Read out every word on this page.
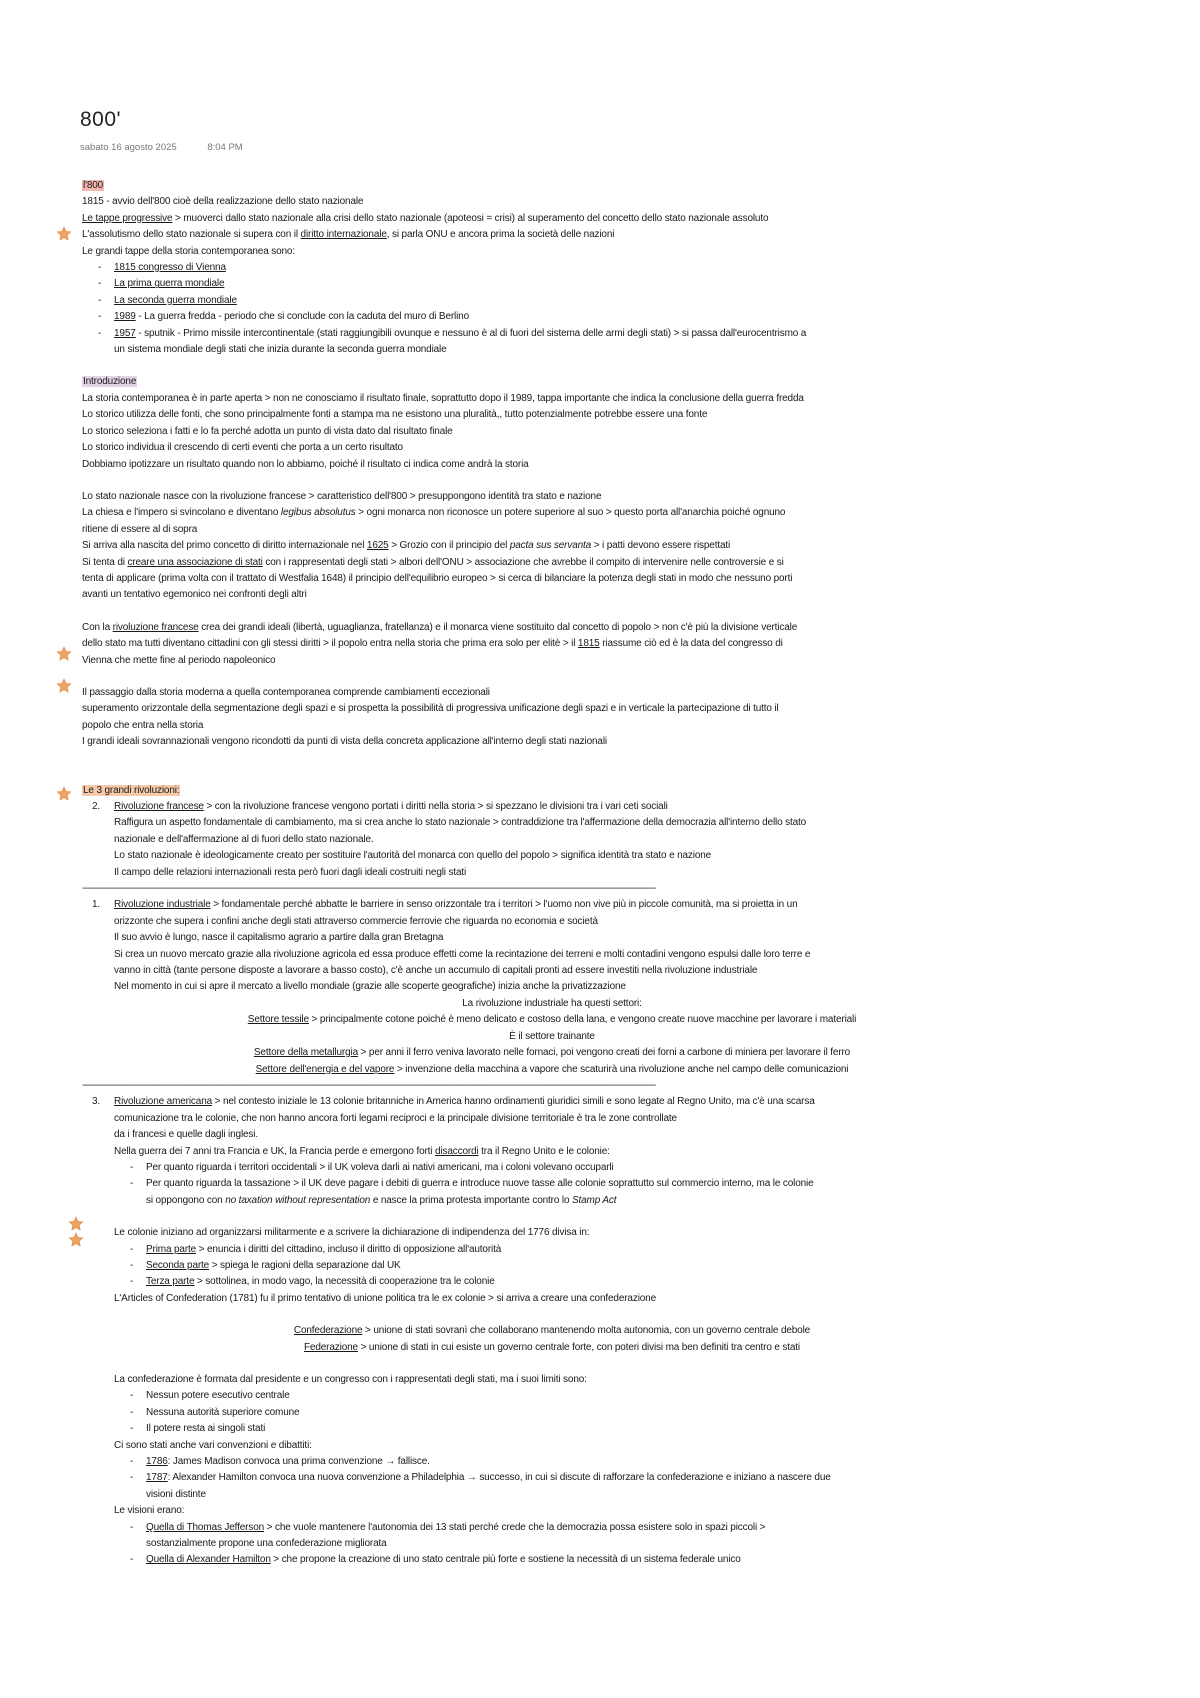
800'
sabato 16 agosto 2025	8:04 PM

l'800

1815 - avvio dell'800 cioè della realizzazione dello stato nazionale

Le tappe progressive > muoverci dallo stato nazionale alla crisi dello stato nazionale (apoteosi = crisi) al superamento del concetto dello stato nazionale assoluto

L'assolutismo dello stato nazionale si supera con il diritto internazionale, si parla ONU e ancora prima la società delle nazioni

Le grandi tappe della storia contemporanea sono:

- 1815 congresso di Vienna
- La prima guerra mondiale
- La seconda guerra mondiale
- 1989 - La guerra fredda - periodo che si conclude con la caduta del muro di Berlino
- 1957 - sputnik - Primo missile intercontinentale (stati raggiungibili ovunque e nessuno è al di fuori del sistema delle armi degli stati) > si passa dall'eurocentrismo a

un sistema mondiale degli stati che inizia durante la seconda guerra mondiale

Introduzione

La storia contemporanea è in parte aperta > non ne conosciamo il risultato finale, soprattutto dopo il 1989, tappa importante che indica la conclusione della guerra fredda

Lo storico utilizza delle fonti, che sono principalmente fonti a stampa ma ne esistono una pluralità,, tutto potenzialmente potrebbe essere una fonte

Lo storico seleziona i fatti e lo fa perché adotta un punto di vista dato dal risultato finale

Lo storico individua il crescendo di certi eventi che porta a un certo risultato

Dobbiamo ipotizzare un risultato quando non lo abbiamo, poiché il risultato ci indica come andrà la storia

Lo stato nazionale nasce con la rivoluzione francese > caratteristico dell'800 > presuppongono identità tra stato e nazione

La chiesa e l'impero si svincolano e diventano legibus absolutus > ogni monarca non riconosce un potere superiore al suo > questo porta all'anarchia poiché ognuno

ritiene di essere al di sopra

Si arriva alla nascita del primo concetto di diritto internazionale nel 1625 > Grozio con il principio del pacta sus servanta > i patti devono essere rispettati

Si tenta di creare una associazione di stati con i rappresentati degli stati > albori dell'ONU > associazione che avrebbe il compito di intervenire nelle controversie e si

tenta di applicare (prima volta con il trattato di Westfalia 1648) il principio dell'equilibrio europeo > si cerca di bilanciare la potenza degli stati in modo che nessuno porti

avanti un tentativo egemonico nei confronti degli altri

Con la rivoluzione francese crea dei grandi ideali (libertà, uguaglianza, fratellanza) e il monarca viene sostituito dal concetto di popolo > non c'è più la divisione verticale

dello stato ma tutti diventano cittadini con gli stessi diritti > il popolo entra nella storia che prima era solo per elitè > il 1815 riassume ciò ed è la data del congresso di

Vienna che mette fine al periodo napoleonico

Il passaggio dalla storia moderna a quella contemporanea comprende cambiamenti eccezionali

superamento orizzontale della segmentazione degli spazi e si prospetta la possibilità di progressiva unificazione degli spazi e in verticale la partecipazione di tutto il

popolo che entra nella storia

I grandi ideali sovrannazionali vengono ricondotti da punti di vista della concreta applicazione all'interno degli stati nazionali

Le 3 grandi rivoluzioni:

2. Rivoluzione francese > con la rivoluzione francese vengono portati i diritti nella storia > si spezzano le divisioni tra i vari ceti sociali

Raffigura un aspetto fondamentale di cambiamento, ma si crea anche lo stato nazionale > contraddizione tra l'affermazione della democrazia all'interno dello stato

nazionale e dell'affermazione al di fuori dello stato nazionale.

Lo stato nazionale è ideologicamente creato per sostituire l'autorità del monarca con quello del popolo > significa identità tra stato e nazione

Il campo delle relazioni internazionali resta però fuori dagli ideali costruiti negli stati

------------------------------------------------------------------------------------------------------------------------------------------------------------------------------------------------------------------------------------------------------

1. Rivoluzione industriale > fondamentale perché abbatte le barriere in senso orizzontale tra i territori > l'uomo non vive più in piccole comunità, ma si proietta in un

orizzonte che supera i confini anche degli stati attraverso commercie ferrovie che riguarda no economia e società

Il suo avvio è lungo, nasce il capitalismo agrario a partire dalla gran Bretagna

Si crea un nuovo mercato grazie alla rivoluzione agricola ed essa produce effetti come la recintazione dei terreni e molti contadini vengono espulsi dalle loro terre e

vanno in città (tante persone disposte a lavorare a basso costo), c'è anche un accumulo di capitali pronti ad essere investiti nella rivoluzione industriale

Nel momento in cui si apre il mercato a livello mondiale (grazie alle scoperte geografiche) inizia anche la privatizzazione

La rivoluzione industriale ha questi settori:

Settore tessile > principalmente cotone poiché è meno delicato e costoso della lana, e vengono create nuove macchine per lavorare i materiali

È il settore trainante

Settore della metallurgia > per anni il ferro veniva lavorato nelle fornaci, poi vengono creati dei forni a carbone di miniera per lavorare il ferro

Settore dell'energia e del vapore > invenzione della macchina a vapore che scaturirà una rivoluzione anche nel campo delle comunicazioni

------------------------------------------------------------------------------------------------------------------------------------------------------------------------------------------------------------------------------------------------------

3. Rivoluzione americana > nel contesto iniziale le 13 colonie britanniche in America hanno ordinamenti giuridici simili e sono legate al Regno Unito, ma c'è una scarsa

comunicazione tra le colonie, che non hanno ancora forti legami reciproci e la principale divisione territoriale è tra le zone controllate

da i francesi e quelle dagli inglesi.

Nella guerra dei 7 anni tra Francia e UK, la Francia perde e emergono forti disaccordi tra il Regno Unito e le colonie:

- Per quanto riguarda i territori occidentali > il UK voleva darli ai nativi americani, ma i coloni volevano occuparli
- Per quanto riguarda la tassazione > il UK deve pagare i debiti di guerra e introduce nuove tasse alle colonie soprattutto sul commercio interno, ma le colonie

si oppongono con no taxation without representation e nasce la prima protesta importante contro lo Stamp Act

Le colonie iniziano ad organizzarsi militarmente e a scrivere la dichiarazione di indipendenza del 1776 divisa in:

- Prima parte > enuncia i diritti del cittadino, incluso il diritto di opposizione all'autorità
- Seconda parte > spiega le ragioni della separazione dal UK
- Terza parte > sottolinea, in modo vago, la necessità di cooperazione tra le colonie

L'Articles of Confederation (1781) fu il primo tentativo di unione politica tra le ex colonie > si arriva a creare una confederazione

Confederazione > unione di stati sovranì che collaborano mantenendo molta autonomia, con un governo centrale debole

Federazione > unione di stati in cui esiste un governo centrale forte, con poteri divisi ma ben definiti tra centro e stati

La confederazione è formata dal presidente e un congresso con i rappresentati degli stati, ma i suoi limiti sono:

- Nessun potere esecutivo centrale
- Nessuna autorità superiore comune
- Il potere resta ai singoli stati

Ci sono stati anche vari convenzioni e dibattiti:

- 1786: James Madison convoca una prima convenzione → fallisce.
- 1787: Alexander Hamilton convoca una nuova convenzione a Philadelphia → successo, in cui si discute di rafforzare la confederazione e iniziano a nascere due

visioni distinte

Le visioni erano:

- Quella di Thomas Jefferson > che vuole mantenere l'autonomia dei 13 stati perché crede che la democrazia possa esistere solo in spazi piccoli >

sostanzialmente propone una confederazione migliorata

- Quella di Alexander Hamilton > che propone la creazione di uno stato centrale più forte e sostiene la necessità di un sistema federale unico
